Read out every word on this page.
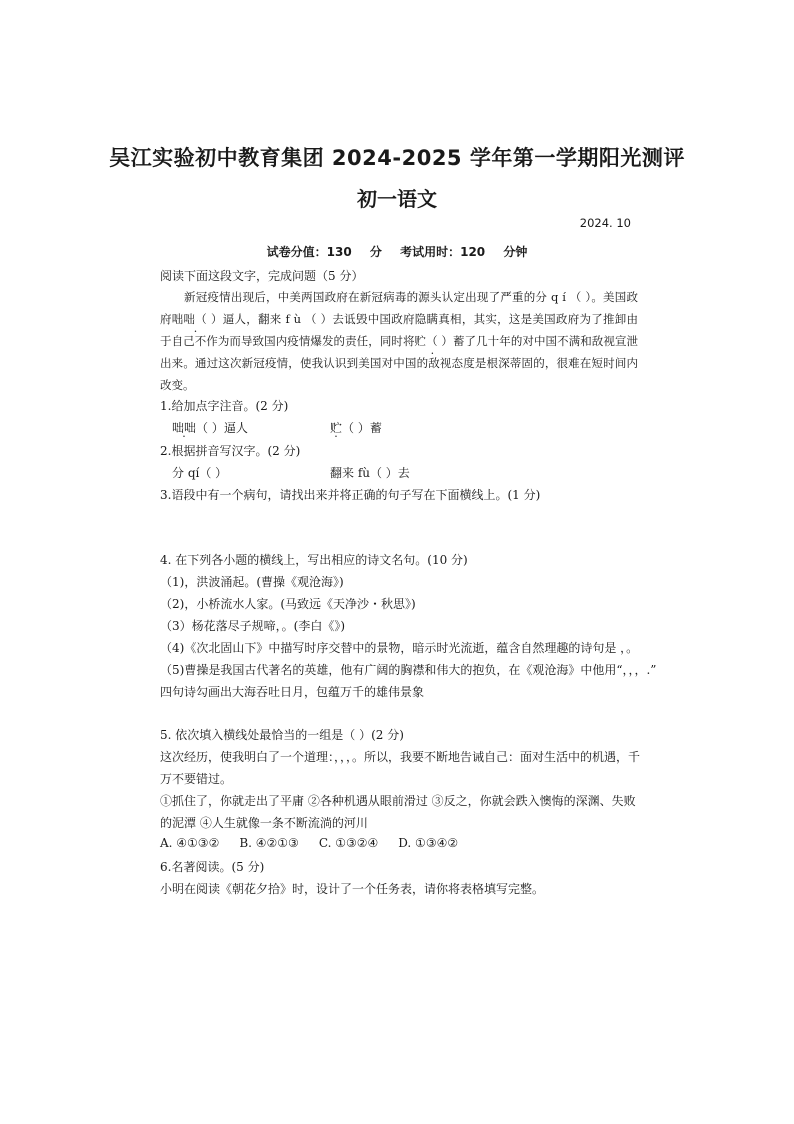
吴江实验初中教育集团 2024-2025 学年第一学期阳光测评
初一语文
2024. 10
试卷分值：130 分 考试用时：120 分钟
阅读下面这段文字，完成问题（5 分）
新冠疫情出现后，中美两国政府在新冠病毒的源头认定出现了严重的分 q í （ ）。美国政府咄咄（ ）逼人，翻来 f ù （ ）去诋毁中国政府隐瞒真相，其实，这是美国政府为了推卸由于自己不作为而导致国内疫情爆发的责任，同时将贮（ ）蓄了几十年的对中国不满和敌视宣泄出来。通过这次新冠疫情，使我认识到美国对中国的敌视态度是根深蒂固的，很难在短时间内改变。
1.给加点字注音。(2 分)
咄咄（ ）逼人	贮（ ）蓄
2.根据拼音写汉字。(2 分)
分 qí（ ）	翻来 fù（ ）去
3.语段中有一个病句，请找出来并将正确的句子写在下面横线上。(1 分)
4. 在下列各小题的横线上，写出相应的诗文名句。(10 分)
（1)，洪波涌起。(曹操《观沧海》)
（2)，小桥流水人家。(马致远《天净沙・秋思》)
（3）杨花落尽子规啼，。(李白《》)
（4)《次北固山下》中描写时序交替中的景物，暗示时光流逝，蕴含自然理趣的诗句是 ，。
（5)曹操是我国古代著名的英雄，他有广阔的胸襟和伟大的抱负，在《观沧海》中他用“，，，.”
四句诗勾画出大海吞吐日月，包蕴万千的雄伟景象
5. 依次填入横线处最恰当的一组是（ ）(2 分)
这次经历，使我明白了一个道理：，，，。所以，我要不断地告诫自己：面对生活中的机遇，千
万不要错过。
①抓住了，你就走出了平庸 ②各种机遇从眼前滑过 ③反之，你就会跌入懊悔的深渊、失败
的泥潭 ④人生就像一条不断流淌的河川
A. ④①③② B. ④②①③ C. ①③②④ D. ①③④②
6.名著阅读。(5 分)
小明在阅读《朝花夕拾》时，设计了一个任务表，请你将表格填写完整。
